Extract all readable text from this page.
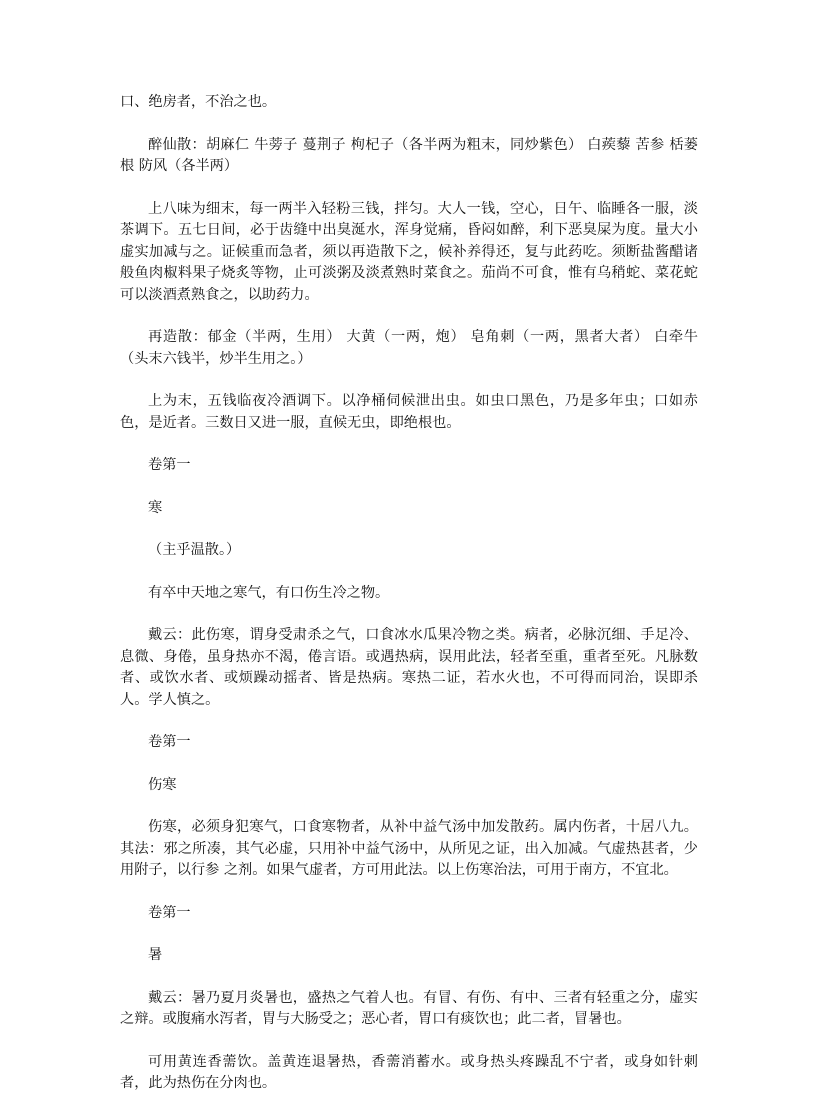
口、绝房者，不治之也。

醉仙散：胡麻仁 牛蒡子 蔓荆子 枸杞子（各半两为粗末，同炒紫色） 白蒺藜 苦参 栝蒌根 防风（各半两）

上八味为细末，每一两半入轻粉三钱，拌匀。大人一钱，空心，日午、临睡各一服，淡茶调下。五七日间，必于齿缝中出臭涎水，浑身觉痛，昏闷如醉，利下恶臭屎为度。量大小虚实加减与之。证候重而急者，须以再造散下之，候补养得还，复与此药吃。须断盐酱醋诸般鱼肉椒料果子烧炙等物，止可淡粥及淡煮熟时菜食之。茄尚不可食，惟有乌稍蛇、菜花蛇可以淡酒煮熟食之，以助药力。

再造散：郁金（半两，生用） 大黄（一两，炮） 皂角刺（一两，黑者大者） 白牵牛（头末六钱半，炒半生用之。）

上为末，五钱临夜冷酒调下。以净桶伺候泄出虫。如虫口黑色，乃是多年虫；口如赤色，是近者。三数日又进一服，直候无虫，即绝根也。

卷第一

寒

（主乎温散。）

有卒中天地之寒气，有口伤生冷之物。

戴云：此伤寒，谓身受肃杀之气，口食冰水瓜果冷物之类。病者，必脉沉细、手足冷、息微、身倦，虽身热亦不渴，倦言语。或遇热病，误用此法，轻者至重，重者至死。凡脉数者、或饮水者、或烦躁动摇者、皆是热病。寒热二证，若水火也，不可得而同治，误即杀人。学人慎之。

卷第一

伤寒

伤寒，必须身犯寒气，口食寒物者，从补中益气汤中加发散药。属内伤者，十居八九。其法：邪之所凑，其气必虚，只用补中益气汤中，从所见之证，出入加减。气虚热甚者，少用附子，以行参 之剂。如果气虚者，方可用此法。以上伤寒治法，可用于南方，不宜北。

卷第一

暑

戴云：暑乃夏月炎暑也，盛热之气着人也。有冒、有伤、有中、三者有轻重之分，虚实之辩。或腹痛水泻者，胃与大肠受之；恶心者，胃口有痰饮也；此二者，冒暑也。

可用黄连香薷饮。盖黄连退暑热，香薷消蓄水。或身热头疼躁乱不宁者，或身如针刺者，此为热伤在分肉也。
